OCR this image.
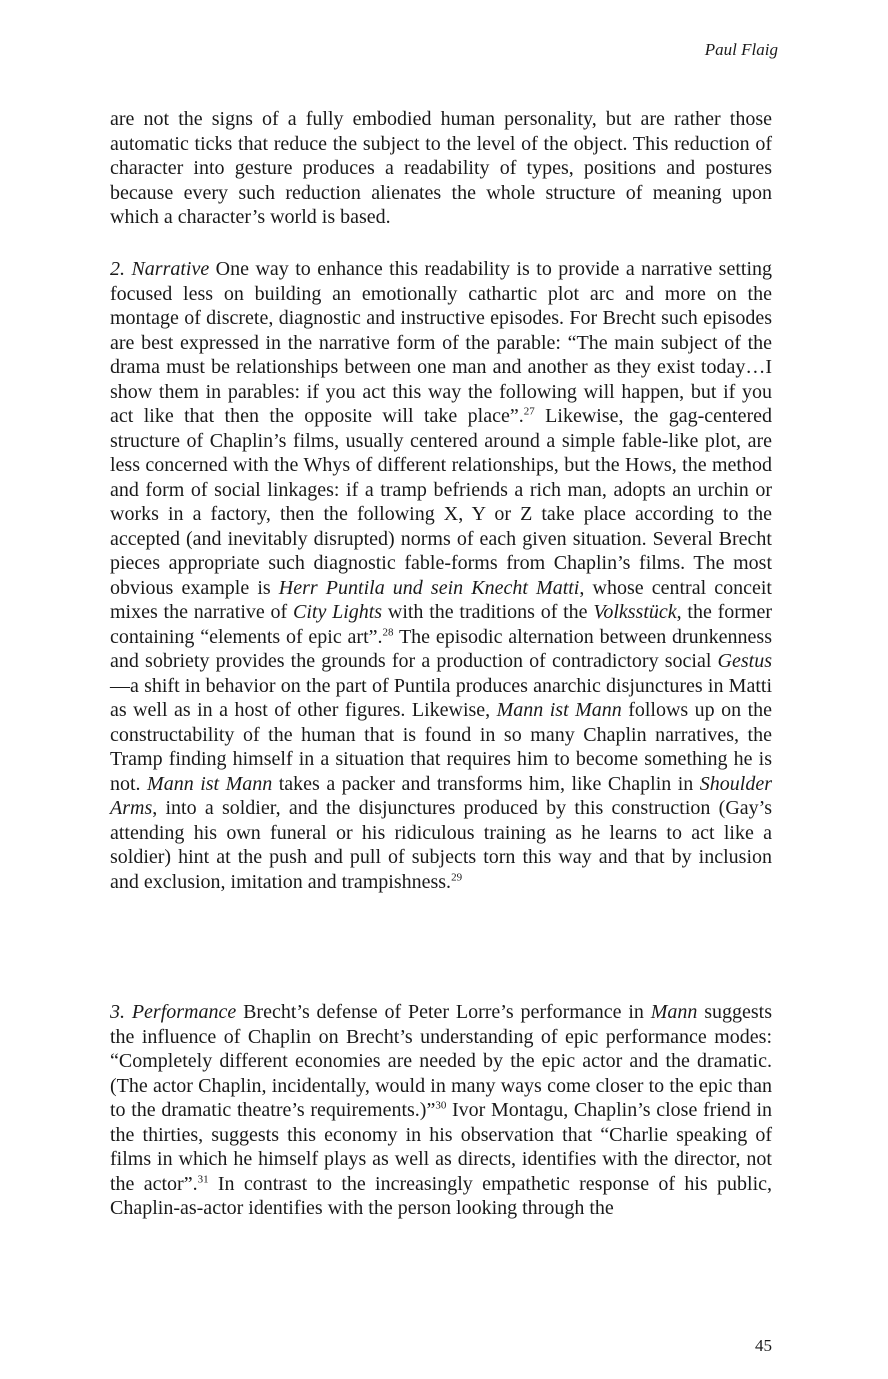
Paul Flaig

are not the signs of a fully embodied human personality, but are rather those automatic ticks that reduce the subject to the level of the object. This reduction of character into gesture produces a readability of types, positions and postures because every such reduction alienates the whole structure of meaning upon which a character’s world is based.

2. Narrative One way to enhance this readability is to provide a narrative setting focused less on building an emotionally cathartic plot arc and more on the montage of discrete, diagnostic and instructive episodes. For Brecht such episodes are best expressed in the narrative form of the parable: “The main subject of the drama must be relationships between one man and another as they exist today…I show them in parables: if you act this way the following will happen, but if you act like that then the opposite will take place”.$^{27}$ Likewise, the gag-centered structure of Chaplin’s films, usually centered around a simple fable-like plot, are less concerned with the Whys of different relationships, but the Hows, the method and form of social linkages: if a tramp befriends a rich man, adopts an urchin or works in a factory, then the following X, Y or Z take place according to the accepted (and inevitably disrupted) norms of each given situation. Several Brecht pieces appropriate such diagnostic fable-forms from Chaplin’s films. The most obvious example is Herr Puntila und sein Knecht Matti, whose central conceit mixes the narrative of City Lights with the traditions of the Volksstück, the former containing “elements of epic art”.$^{28}$ The episodic alternation between drunkenness and sobriety provides the grounds for a production of contradictory social Gestus—a shift in behavior on the part of Puntila produces anarchic disjunctures in Matti as well as in a host of other figures. Likewise, Mann ist Mann follows up on the constructability of the human that is found in so many Chaplin narratives, the Tramp finding himself in a situation that requires him to become something he is not. Mann ist Mann takes a packer and transforms him, like Chaplin in Shoulder Arms, into a soldier, and the disjunctures produced by this construction (Gay’s attending his own funeral or his ridiculous training as he learns to act like a soldier) hint at the push and pull of subjects torn this way and that by inclusion and exclusion, imitation and trampishness.$^{29}$

3. Performance Brecht’s defense of Peter Lorre’s performance in Mann suggests the influence of Chaplin on Brecht’s understanding of epic performance modes: “Completely different economies are needed by the epic actor and the dramatic. (The actor Chaplin, incidentally, would in many ways come closer to the epic than to the dramatic theatre’s requirements.)”$^{30}$ Ivor Montagu, Chaplin’s close friend in the thirties, suggests this economy in his observation that “Charlie speaking of films in which he himself plays as well as directs, identifies with the director, not the actor”.$^{31}$ In contrast to the increasingly empathetic response of his public, Chaplin-as-actor identifies with the person looking through the

45
